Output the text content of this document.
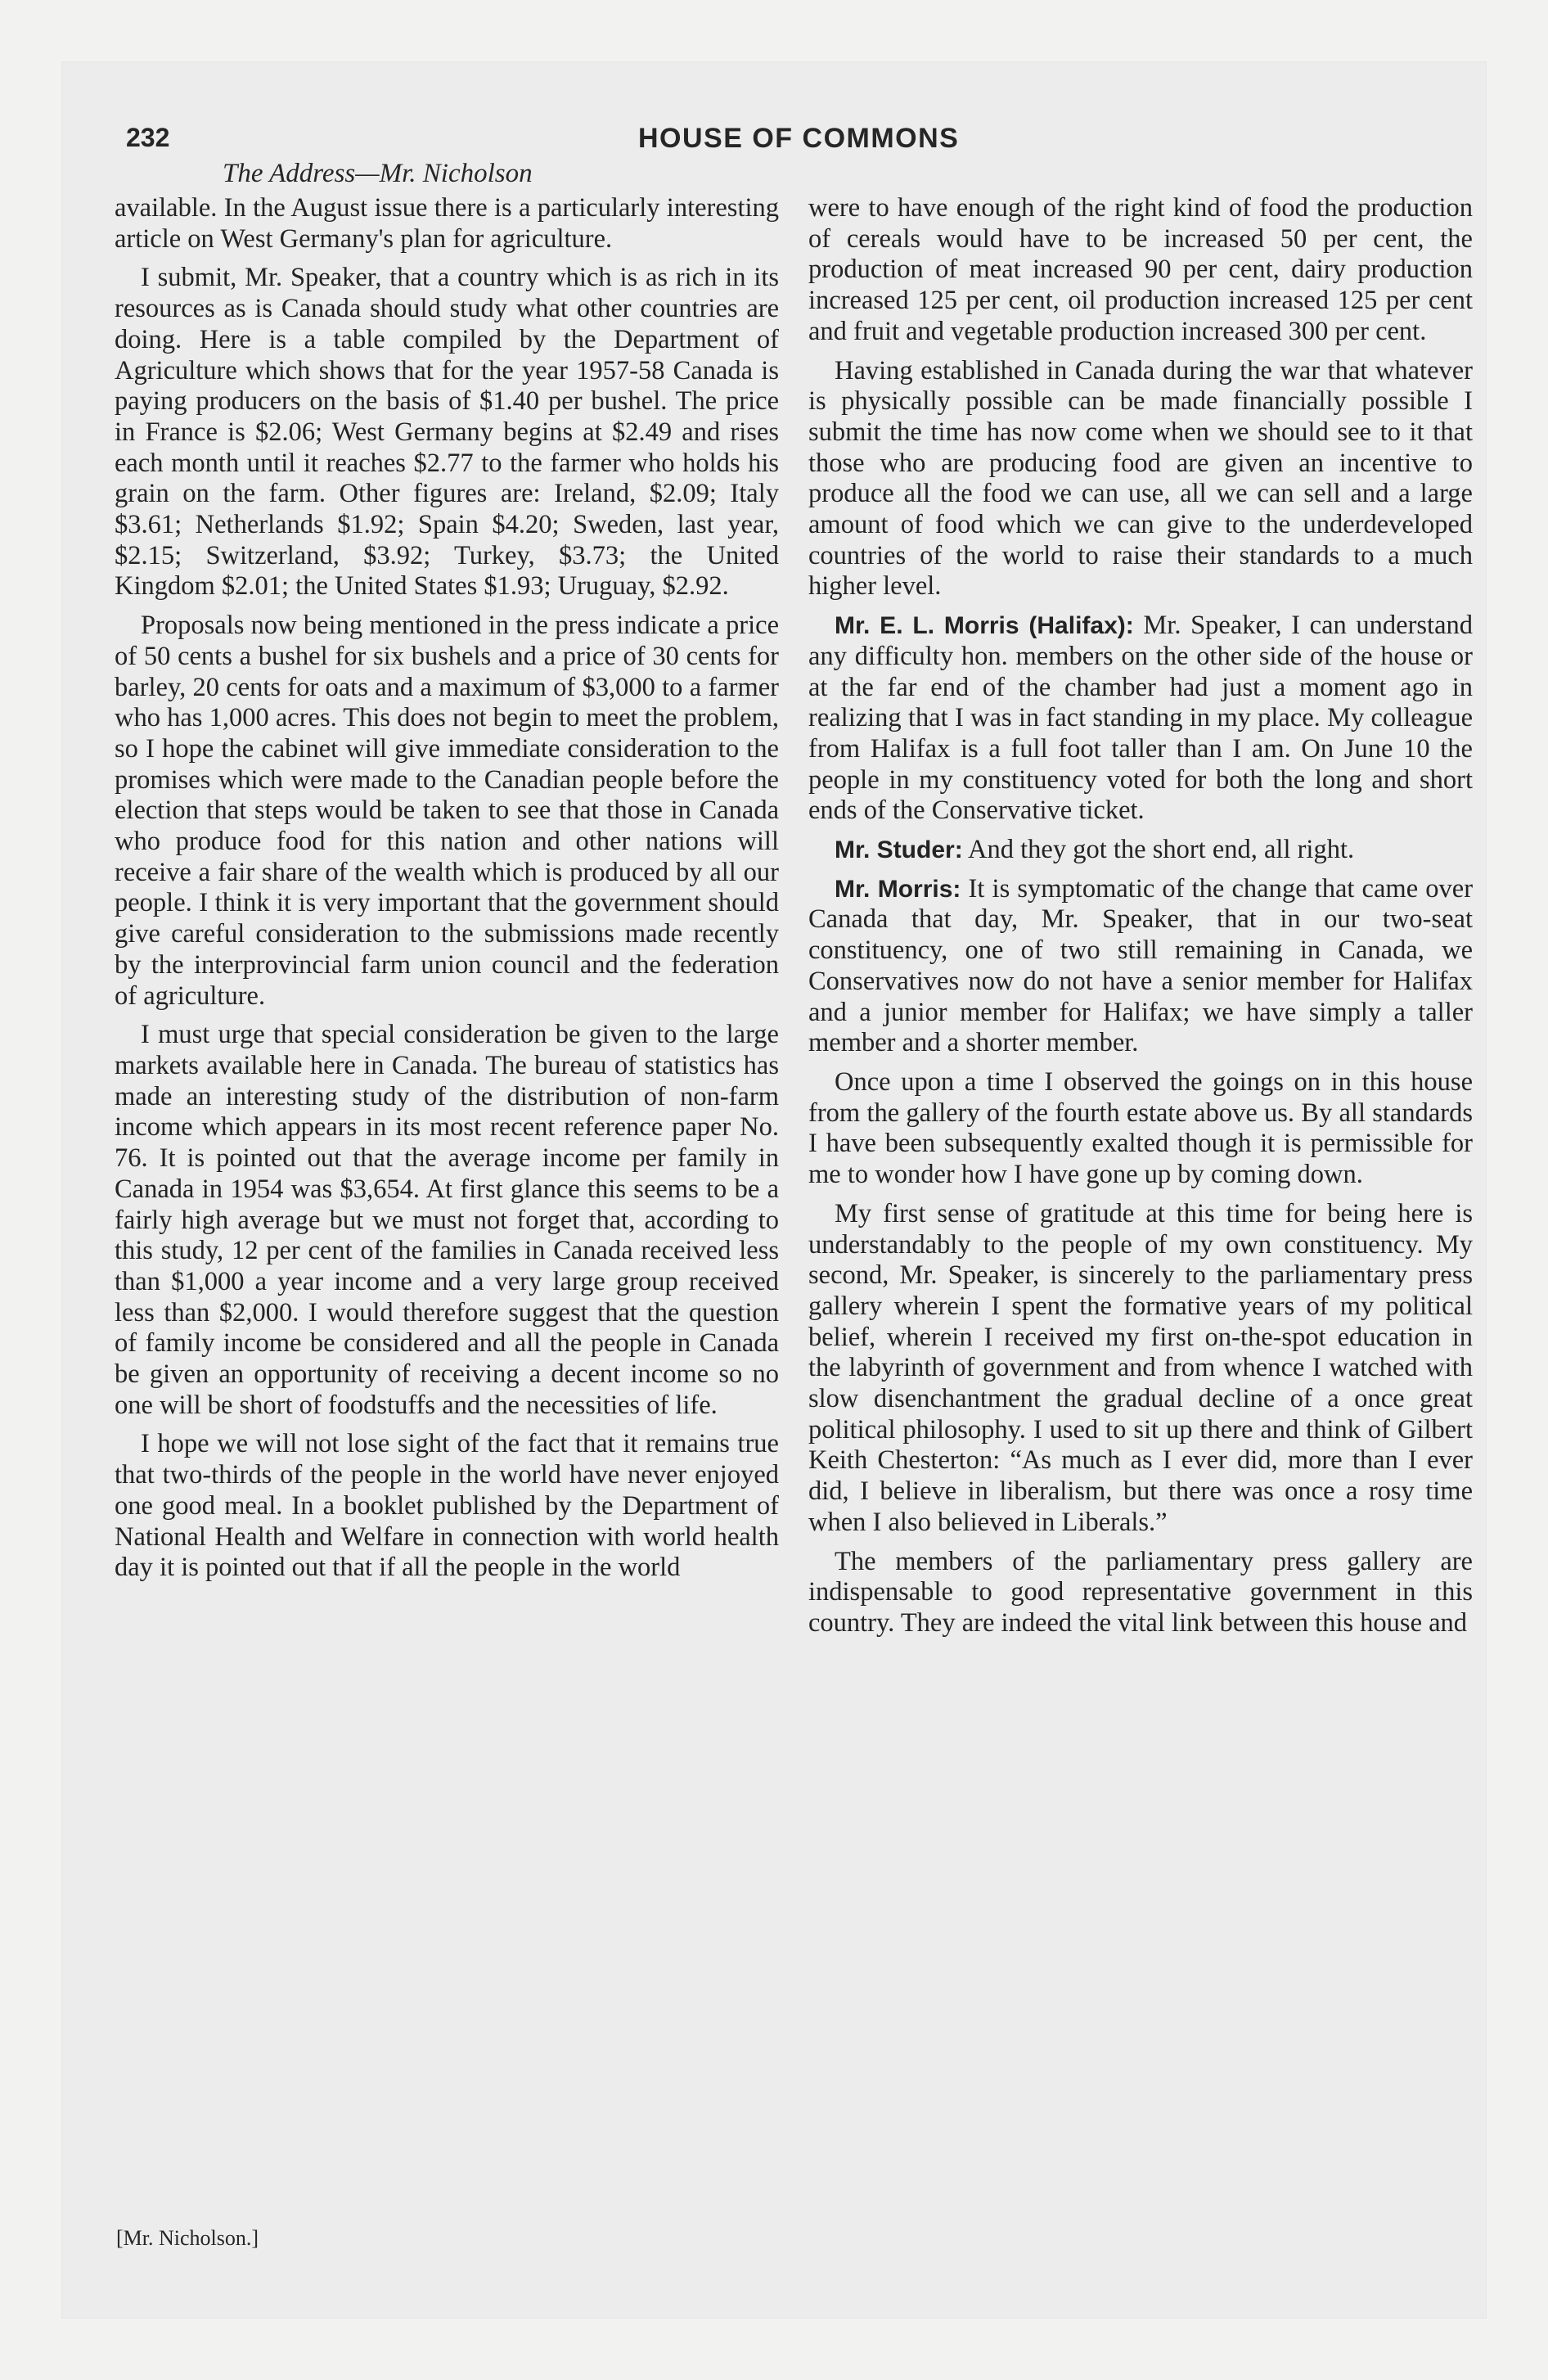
232	HOUSE OF COMMONS
The Address—Mr. Nicholson

available. In the August issue there is a particularly interesting article on West Germany's plan for agriculture.

I submit, Mr. Speaker, that a country which is as rich in its resources as is Canada should study what other countries are doing. Here is a table compiled by the Department of Agriculture which shows that for the year 1957-58 Canada is paying producers on the basis of $1.40 per bushel. The price in France is $2.06; West Germany begins at $2.49 and rises each month until it reaches $2.77 to the farmer who holds his grain on the farm. Other figures are: Ireland, $2.09; Italy $3.61; Netherlands $1.92; Spain $4.20; Sweden, last year, $2.15; Switzerland, $3.92; Turkey, $3.73; the United Kingdom $2.01; the United States $1.93; Uruguay, $2.92.

Proposals now being mentioned in the press indicate a price of 50 cents a bushel for six bushels and a price of 30 cents for barley, 20 cents for oats and a maximum of $3,000 to a farmer who has 1,000 acres. This does not begin to meet the problem, so I hope the cabinet will give immediate consideration to the promises which were made to the Canadian people before the election that steps would be taken to see that those in Canada who produce food for this nation and other nations will receive a fair share of the wealth which is produced by all our people. I think it is very important that the government should give careful consideration to the submissions made recently by the interprovincial farm union council and the federation of agriculture.

I must urge that special consideration be given to the large markets available here in Canada. The bureau of statistics has made an interesting study of the distribution of non-farm income which appears in its most recent reference paper No. 76. It is pointed out that the average income per family in Canada in 1954 was $3,654. At first glance this seems to be a fairly high average but we must not forget that, according to this study, 12 per cent of the families in Canada received less than $1,000 a year income and a very large group received less than $2,000. I would therefore suggest that the question of family income be considered and all the people in Canada be given an opportunity of receiving a decent income so no one will be short of foodstuffs and the necessities of life.

I hope we will not lose sight of the fact that it remains true that two-thirds of the people in the world have never enjoyed one good meal. In a booklet published by the Department of National Health and Welfare in connection with world health day it is pointed out that if all the people in the world

were to have enough of the right kind of food the production of cereals would have to be increased 50 per cent, the production of meat increased 90 per cent, dairy production increased 125 per cent, oil production increased 125 per cent and fruit and vegetable production increased 300 per cent.

Having established in Canada during the war that whatever is physically possible can be made financially possible I submit the time has now come when we should see to it that those who are producing food are given an incentive to produce all the food we can use, all we can sell and a large amount of food which we can give to the underdeveloped countries of the world to raise their standards to a much higher level.

Mr. E. L. Morris (Halifax): Mr. Speaker, I can understand any difficulty hon. members on the other side of the house or at the far end of the chamber had just a moment ago in realizing that I was in fact standing in my place. My colleague from Halifax is a full foot taller than I am. On June 10 the people in my constituency voted for both the long and short ends of the Conservative ticket.

Mr. Studer: And they got the short end, all right.

Mr. Morris: It is symptomatic of the change that came over Canada that day, Mr. Speaker, that in our two-seat constituency, one of two still remaining in Canada, we Conservatives now do not have a senior member for Halifax and a junior member for Halifax; we have simply a taller member and a shorter member.

Once upon a time I observed the goings on in this house from the gallery of the fourth estate above us. By all standards I have been subsequently exalted though it is permissible for me to wonder how I have gone up by coming down.

My first sense of gratitude at this time for being here is understandably to the people of my own constituency. My second, Mr. Speaker, is sincerely to the parliamentary press gallery wherein I spent the formative years of my political belief, wherein I received my first on-the-spot education in the labyrinth of government and from whence I watched with slow disenchantment the gradual decline of a once great political philosophy. I used to sit up there and think of Gilbert Keith Chesterton: “As much as I ever did, more than I ever did, I believe in liberalism, but there was once a rosy time when I also believed in Liberals.”

The members of the parliamentary press gallery are indispensable to good representative government in this country. They are indeed the vital link between this house and

[Mr. Nicholson.]
